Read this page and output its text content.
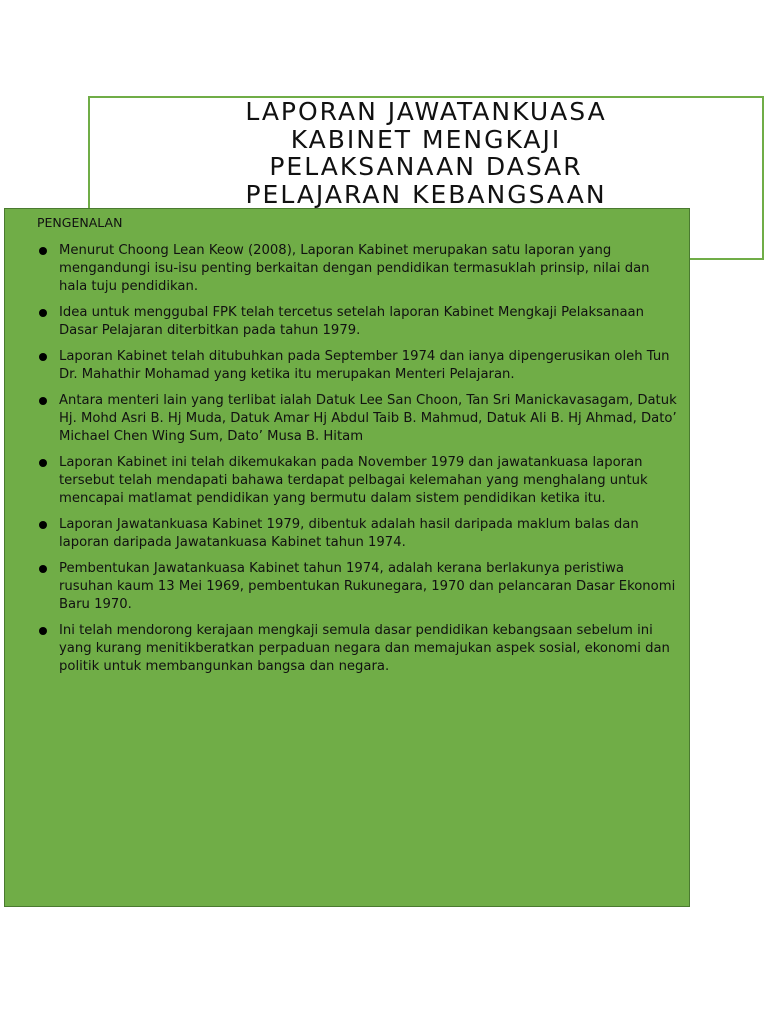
LAPORAN JAWATANKUASA
KABINET MENGKAJI
PELAKSANAAN DASAR
PELAJARAN KEBANGSAAN

PENGENALAN
Menurut Choong Lean Keow (2008), Laporan Kabinet merupakan satu laporan yang mengandungi isu-isu penting berkaitan dengan pendidikan termasuklah prinsip, nilai dan hala tuju pendidikan.
Idea untuk menggubal FPK telah tercetus setelah laporan Kabinet Mengkaji Pelaksanaan Dasar Pelajaran diterbitkan pada tahun 1979.
Laporan Kabinet telah ditubuhkan pada September 1974 dan ianya dipengerusikan oleh Tun Dr. Mahathir Mohamad yang ketika itu merupakan Menteri Pelajaran.
Antara menteri lain yang terlibat ialah Datuk Lee San Choon, Tan Sri Manickavasagam, Datuk Hj. Mohd Asri B. Hj Muda, Datuk Amar Hj Abdul Taib B. Mahmud, Datuk Ali B. Hj Ahmad, Dato’ Michael Chen Wing Sum, Dato’ Musa B. Hitam
Laporan Kabinet ini telah dikemukakan pada November 1979 dan jawatankuasa laporan tersebut telah mendapati bahawa terdapat pelbagai kelemahan yang menghalang untuk mencapai matlamat pendidikan yang bermutu dalam sistem pendidikan ketika itu.
Laporan Jawatankuasa Kabinet 1979, dibentuk adalah hasil daripada maklum balas dan laporan daripada Jawatankuasa Kabinet tahun 1974.
Pembentukan Jawatankuasa Kabinet tahun 1974, adalah kerana berlakunya peristiwa rusuhan kaum 13 Mei 1969, pembentukan Rukunegara, 1970 dan pelancaran Dasar Ekonomi Baru 1970.
Ini telah mendorong kerajaan mengkaji semula dasar pendidikan kebangsaan sebelum ini yang kurang menitikberatkan perpaduan negara dan memajukan aspek sosial, ekonomi dan politik untuk membangunkan bangsa dan negara.
